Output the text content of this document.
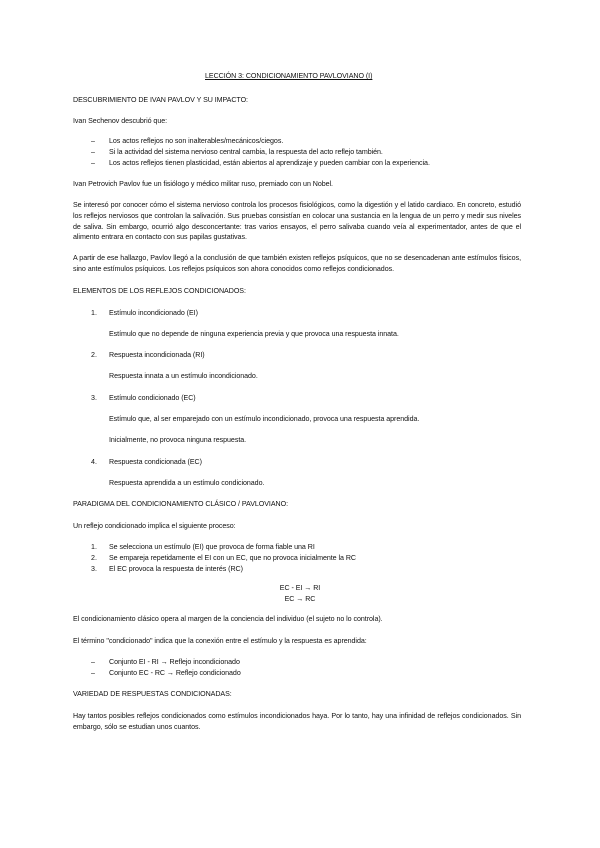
LECCIÓN 3: CONDICIONAMIENTO PAVLOVIANO (I)
DESCUBRIMIENTO DE IVAN PAVLOV Y SU IMPACTO:
Ivan Sechenov descubrió que:
– Los actos reflejos no son inalterables/mecánicos/ciegos.
– Si la actividad del sistema nervioso central cambia, la respuesta del acto reflejo también.
– Los actos reflejos tienen plasticidad, están abiertos al aprendizaje y pueden cambiar con la experiencia.
Ivan Petrovich Pavlov fue un fisiólogo y médico militar ruso, premiado con un Nobel.
Se interesó por conocer cómo el sistema nervioso controla los procesos fisiológicos, como la digestión y el latido cardiaco. En concreto, estudió los reflejos nerviosos que controlan la salivación. Sus pruebas consistían en colocar una sustancia en la lengua de un perro y medir sus niveles de saliva. Sin embargo, ocurrió algo desconcertante: tras varios ensayos, el perro salivaba cuando veía al experimentador, antes de que el alimento entrara en contacto con sus papilas gustativas.
A partir de ese hallazgo, Pavlov llegó a la conclusión de que también existen reflejos psíquicos, que no se desencadenan ante estímulos físicos, sino ante estímulos psíquicos. Los reflejos psíquicos son ahora conocidos como reflejos condicionados.
ELEMENTOS DE LOS REFLEJOS CONDICIONADOS:
1. Estímulo incondicionado (EI)
Estímulo que no depende de ninguna experiencia previa y que provoca una respuesta innata.
2. Respuesta incondicionada (RI)
Respuesta innata a un estímulo incondicionado.
3. Estímulo condicionado (EC)
Estímulo que, al ser emparejado con un estímulo incondicionado, provoca una respuesta aprendida.
Inicialmente, no provoca ninguna respuesta.
4. Respuesta condicionada (EC)
Respuesta aprendida a un estímulo condicionado.
PARADIGMA DEL CONDICIONAMIENTO CLÁSICO / PAVLOVIANO:
Un reflejo condicionado implica el siguiente proceso:
1. Se selecciona un estímulo (EI) que provoca de forma fiable una RI
2. Se empareja repetidamente el EI con un EC, que no provoca inicialmente la RC
3. El EC provoca la respuesta de interés (RC)
EC - EI → RI
EC → RC
El condicionamiento clásico opera al margen de la conciencia del individuo (el sujeto no lo controla).
El término "condicionado" indica que la conexión entre el estímulo y la respuesta es aprendida:
– Conjunto EI - RI → Reflejo incondicionado
– Conjunto EC - RC → Reflejo condicionado
VARIEDAD DE RESPUESTAS CONDICIONADAS:
Hay tantos posibles reflejos condicionados como estímulos incondicionados haya. Por lo tanto, hay una infinidad de reflejos condicionados. Sin embargo, sólo se estudian unos cuantos.
